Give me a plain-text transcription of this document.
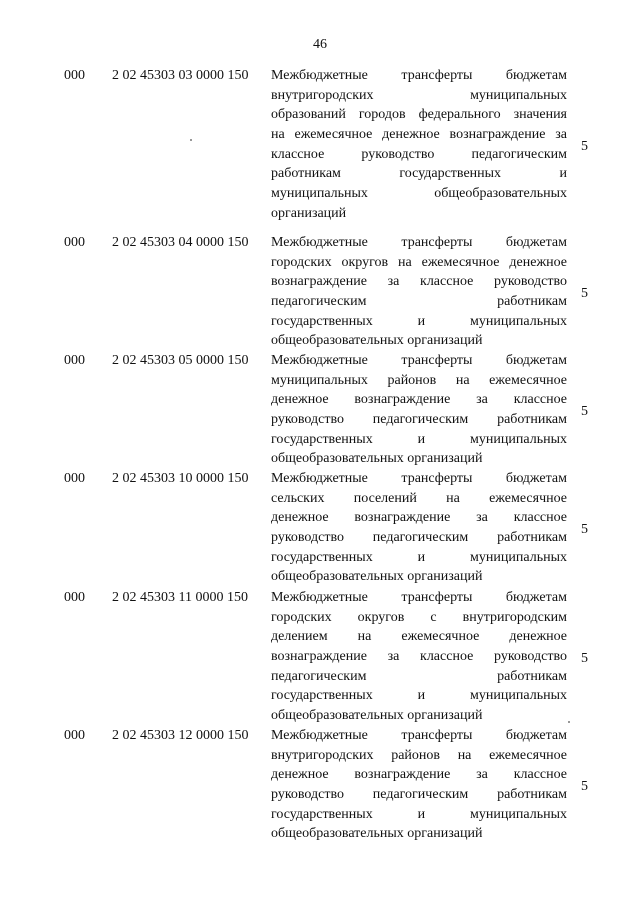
46
000 2 02 45303 03 0000 150 Межбюджетные трансферты бюджетам
внутригородских муниципальных
образований городов федерального значения
на ежемесячное денежное вознаграждение за
классное руководство педагогическим
работникам государственных и
муниципальных общеобразовательных
организаций
5
000 2 02 45303 04 0000 150 Межбюджетные трансферты бюджетам
городских округов на ежемесячное денежное
вознаграждение за классное руководство
педагогическим работникам
государственных и муниципальных
общеобразовательных организаций
5
000 2 02 45303 05 0000 150 Межбюджетные трансферты бюджетам
муниципальных районов на ежемесячное
денежное вознаграждение за классное
руководство педагогическим работникам
государственных и муниципальных
общеобразовательных организаций
5
000 2 02 45303 10 0000 150 Межбюджетные трансферты бюджетам
сельских поселений на ежемесячное
денежное вознаграждение за классное
руководство педагогическим работникам
государственных и муниципальных
общеобразовательных организаций
5
000 2 02 45303 11 0000 150 Межбюджетные трансферты бюджетам
городских округов с внутригородским
делением на ежемесячное денежное
вознаграждение за классное руководство
педагогическим работникам
государственных и муниципальных
общеобразовательных организаций
5
000 2 02 45303 12 0000 150 Межбюджетные трансферты бюджетам
внутригородских районов на ежемесячное
денежное вознаграждение за классное
руководство педагогическим работникам
государственных и муниципальных
общеобразовательных организаций
5
